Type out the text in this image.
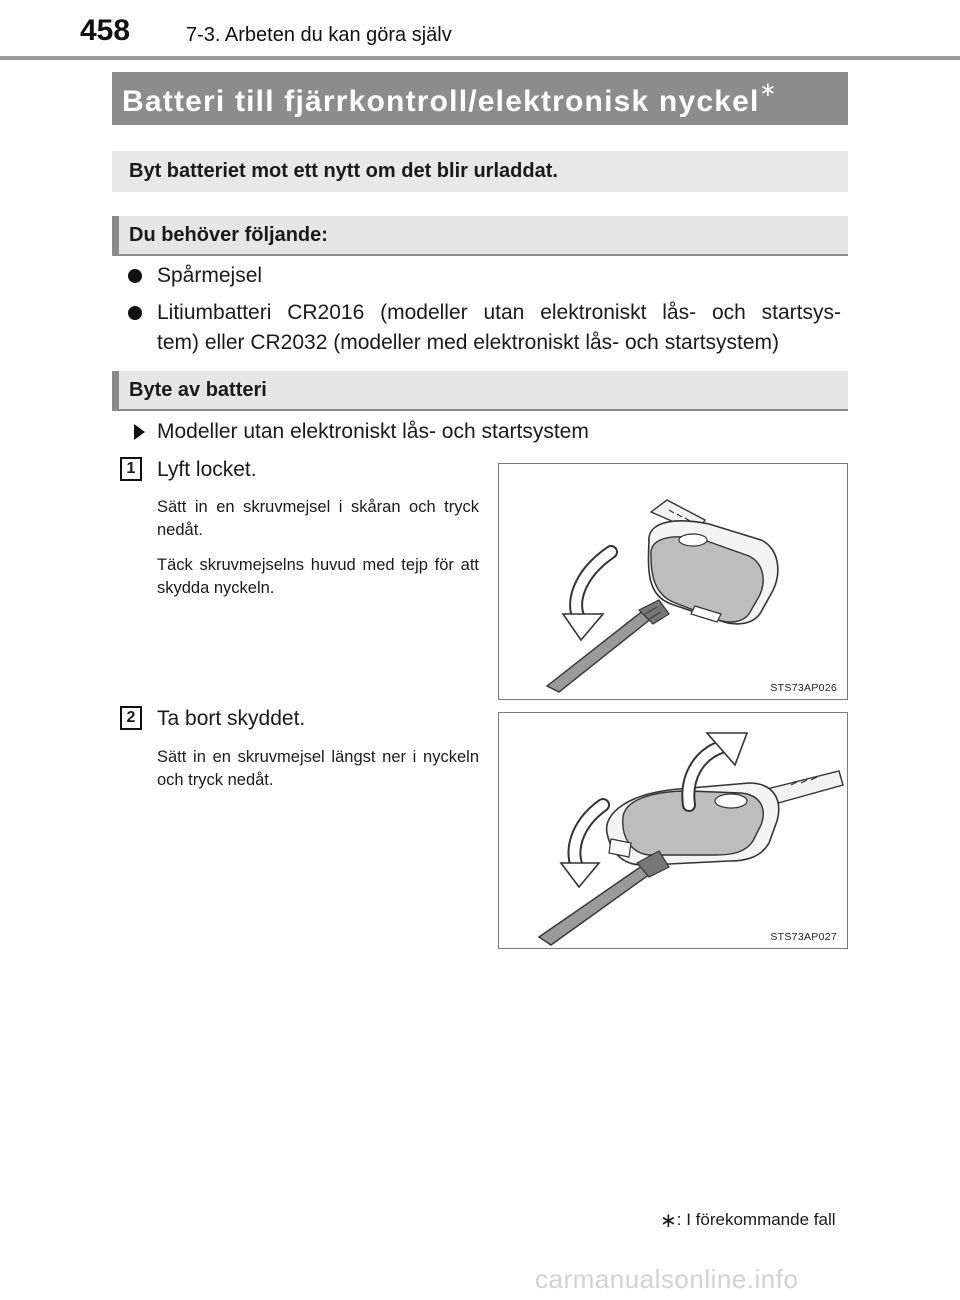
458	7-3. Arbeten du kan göra själv
Batteri till fjärrkontroll/elektronisk nyckel∗
Byt batteriet mot ett nytt om det blir urladdat.
Du behöver följande:
Spårmejsel
Litiumbatteri CR2016 (modeller utan elektroniskt lås- och startsys-
tem) eller CR2032 (modeller med elektroniskt lås- och startsystem)
Byte av batteri
Modeller utan elektroniskt lås- och startsystem
1	Lyft locket.
Sätt in en skruvmejsel i skåran och tryck nedåt.
Täck skruvmejselns huvud med tejp för att skydda nyckeln.
STS73AP026
2	Ta bort skyddet.
Sätt in en skruvmejsel längst ner i nyckeln och tryck nedåt.
STS73AP027
∗: I förekommande fall
carmanualsonline.info
